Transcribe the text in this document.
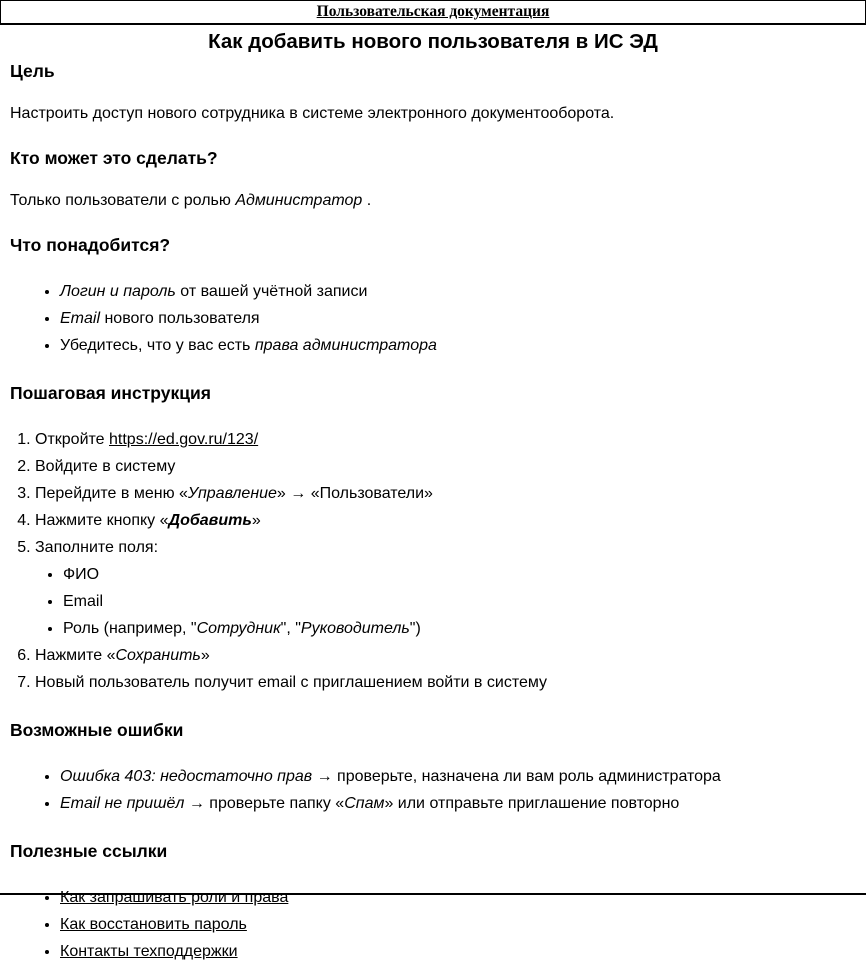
Пользовательская документация
Как добавить нового пользователя в ИС ЭД
Цель

Настроить доступ нового сотрудника в системе электронного документооборота.

Кто может это сделать?

Только пользователи с ролью Администратор .

Что понадобится?
• Логин и пароль от вашей учётной записи
• Email нового пользователя
• Убедитесь, что у вас есть права администратора
Пошаговая инструкция
1. Откройте https://ed.gov.ru/123/
2. Войдите в систему
3. Перейдите в меню «Управление» → «Пользователи»
4. Нажмите кнопку «Добавить»
5. Заполните поля:
• ФИО
• Email
• Роль (например, "Сотрудник", "Руководитель")
6. Нажмите «Сохранить»
7. Новый пользователь получит email с приглашением войти в систему
Возможные ошибки
• Ошибка 403: недостаточно прав → проверьте, назначена ли вам роль администратора
• Email не пришёл → проверьте папку «Спам» или отправьте приглашение повторно
Полезные ссылки
• Как запрашивать роли и права
• Как восстановить пароль
• Контакты техподдержки
